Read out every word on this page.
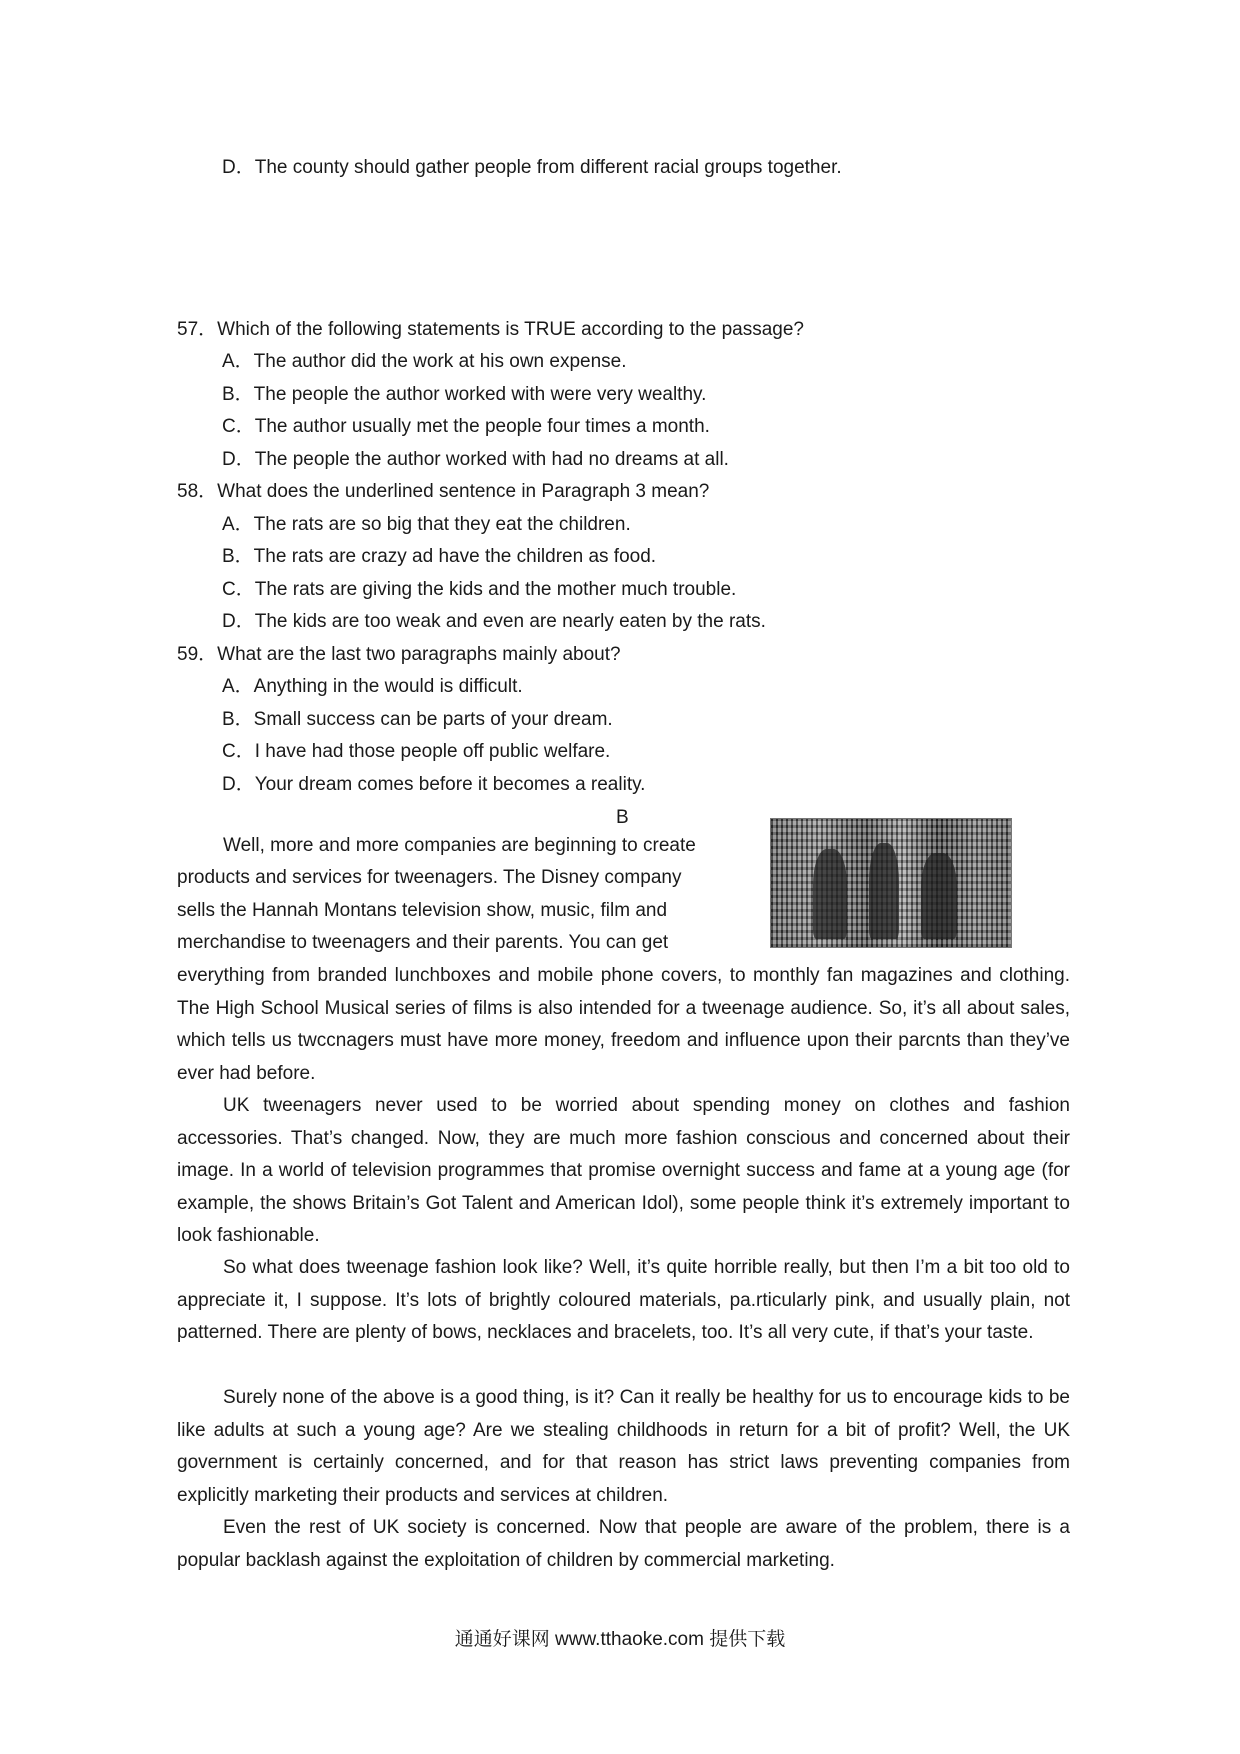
D．The county should gather people from different racial groups together.
57．Which of the following statements is TRUE according to the passage?
A．The author did the work at his own expense.
B．The people the author worked with were very wealthy.
C．The author usually met the people four times a month.
D．The people the author worked with had no dreams at all.
58．What does the underlined sentence in Paragraph 3 mean?
A．The rats are so big that they eat the children.
B．The rats are crazy ad have the children as food.
C．The rats are giving the kids and the mother much trouble.
D．The kids are too weak and even are nearly eaten by the rats.
59．What are the last two paragraphs mainly about?
A．Anything in the would is difficult.
B．Small success can be parts of your dream.
C．I have had those people off public welfare.
D．Your dream comes before it becomes a reality.
B
Well, more and more companies are beginning to create
products and services for tweenagers. The Disney company
sells the Hannah Montans television show, music, film and
merchandise to tweenagers and their parents. You can get

everything from branded lunchboxes and mobile phone covers, to monthly fan magazines and clothing. The High School Musical series of films is also intended for a tweenage audience. So, it’s all about sales, which tells us twccnagers must have more money, freedom and influence upon their parcnts than they’ve ever had before.

UK tweenagers never used to be worried about spending money on clothes and fashion accessories. That’s changed. Now, they are much more fashion conscious and concerned about their image. In a world of television programmes that promise overnight success and fame at a young age (for example, the shows Britain’s Got Talent and American Idol), some people think it’s extremely important to look fashionable.

So what does tweenage fashion look like? Well, it’s quite horrible really, but then I’m a bit too old to appreciate it, I suppose. It’s lots of brightly coloured materials, pa.rticularly pink, and usually plain, not patterned. There are plenty of bows, necklaces and bracelets, too. It’s all very cute, if that’s your taste.

Surely none of the above is a good thing, is it? Can it really be healthy for us to encourage kids to be like adults at such a young age? Are we stealing childhoods in return for a bit of profit? Well, the UK government is certainly concerned, and for that reason has strict laws preventing companies from explicitly marketing their products and services at children.

Even the rest of UK society is concerned. Now that people are aware of the problem, there is a popular backlash against the exploitation of children by commercial marketing.

通通好课网 www.tthaoke.com 提供下载
